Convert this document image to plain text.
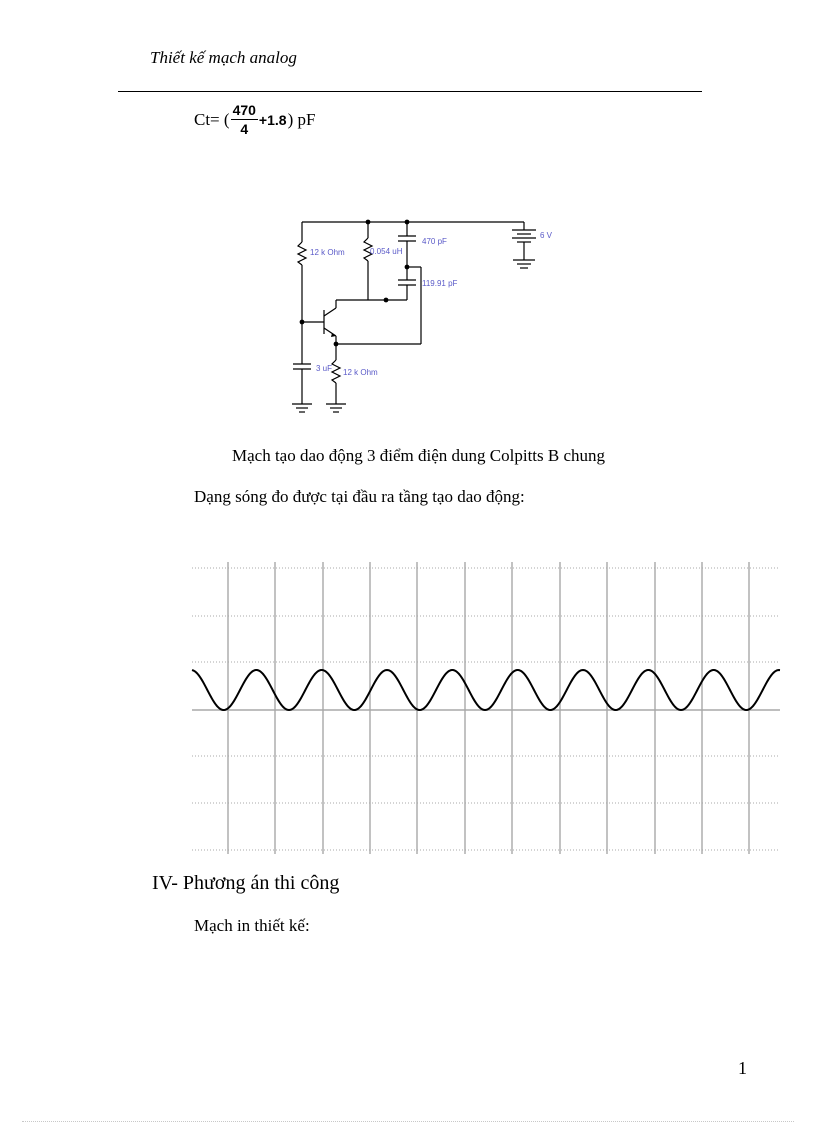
Thiết kế mạch analog
Ct= ( $\frac{470}{4} +1.8$ ) pF
12 k Ohm	0.054 uH
470 pF
119.91 pF
6 V
3 uF 12 k Ohm
Mạch tạo dao động 3 điểm điện dung Colpitts B chung
Dạng sóng đo được tại đầu ra tầng tạo dao động:
IV- Phương án thi công
Mạch in thiết kế:
1
